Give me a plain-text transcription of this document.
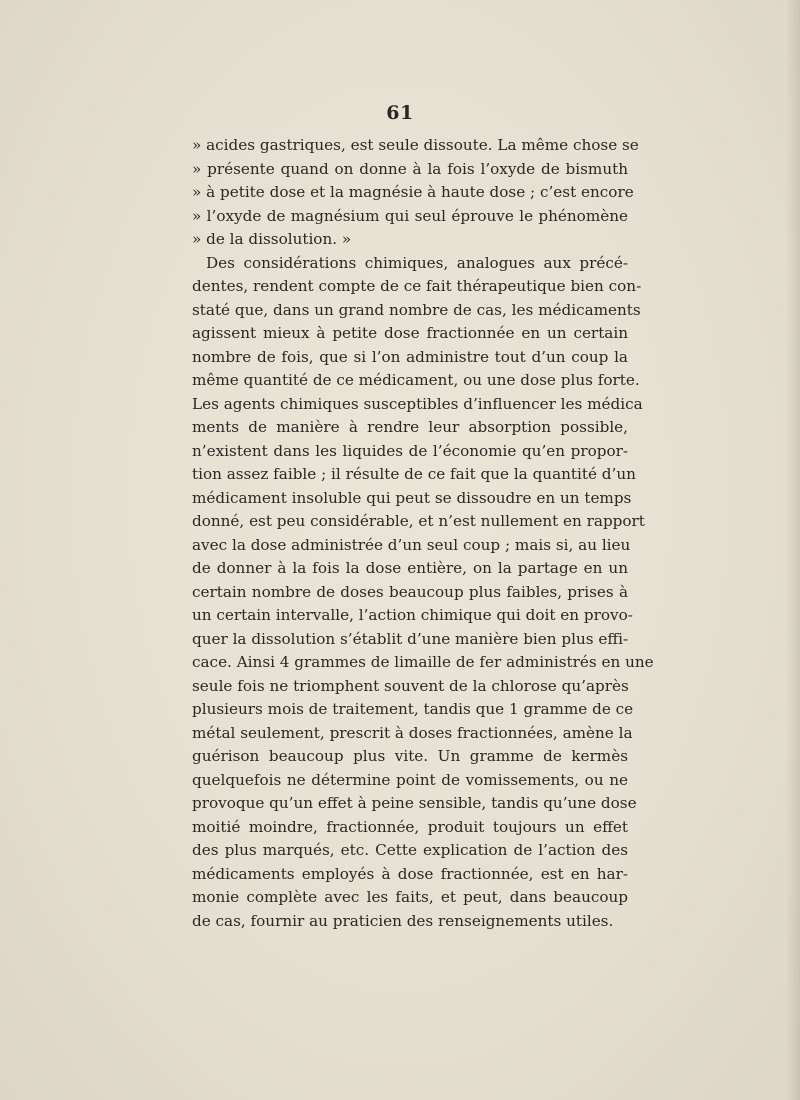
61
» acides gastriques, est seule dissoute. La même chose se
» présente quand on donne à la fois l’oxyde de bismuth
» à petite dose et la magnésie à haute dose ; c’est encore
» l’oxyde de magnésium qui seul éprouve le phénomène
» de la dissolution. »
Des considérations chimiques, analogues aux précé-
dentes, rendent compte de ce fait thérapeutique bien con-
staté que, dans un grand nombre de cas, les médicaments
agissent mieux à petite dose fractionnée en un certain
nombre de fois, que si l’on administre tout d’un coup la
même quantité de ce médicament, ou une dose plus forte.
Les agents chimiques susceptibles d’influencer les médica
ments de manière à rendre leur absorption possible,
n’existent dans les liquides de l’économie qu’en propor-
tion assez faible ; il résulte de ce fait que la quantité d’un
médicament insoluble qui peut se dissoudre en un temps
donné, est peu considérable, et n’est nullement en rapport
avec la dose administrée d’un seul coup ; mais si, au lieu
de donner à la fois la dose entière, on la partage en un
certain nombre de doses beaucoup plus faibles, prises à
un certain intervalle, l’action chimique qui doit en provo-
quer la dissolution s’établit d’une manière bien plus effi-
cace. Ainsi 4 grammes de limaille de fer administrés en une
seule fois ne triomphent souvent de la chlorose qu’après
plusieurs mois de traitement, tandis que 1 gramme de ce
métal seulement, prescrit à doses fractionnées, amène la
guérison beaucoup plus vite. Un gramme de kermès
quelquefois ne détermine point de vomissements, ou ne
provoque qu’un effet à peine sensible, tandis qu’une dose
moitié moindre, fractionnée, produit toujours un effet
des plus marqués, etc. Cette explication de l’action des
médicaments employés à dose fractionnée, est en har-
monie complète avec les faits, et peut, dans beaucoup
de cas, fournir au praticien des renseignements utiles.
